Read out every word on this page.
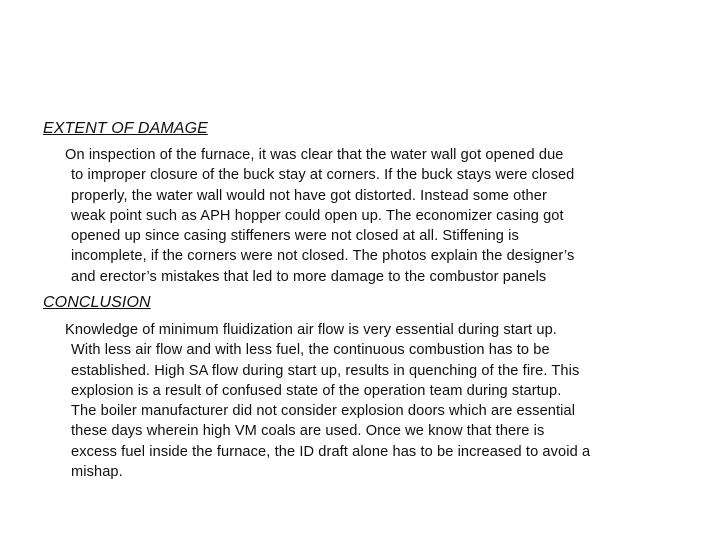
EXTENT OF DAMAGE
On inspection of the furnace, it was clear that the water wall got opened due
to improper closure of the buck stay at corners. If the buck stays were closed
properly, the water wall would not have got distorted. Instead some other
weak point such as APH hopper could open up. The economizer casing got
opened up since casing stiffeners were not closed at all. Stiffening is
incomplete, if the corners were not closed. The photos explain the designer’s
and erector’s mistakes that led to more damage to the combustor panels
CONCLUSION
Knowledge of minimum fluidization air flow is very essential during start up.
With less air flow and with less fuel, the continuous combustion has to be
established. High SA flow during start up, results in quenching of the fire. This
explosion is a result of confused state of the operation team during startup.
The boiler manufacturer did not consider explosion doors which are essential
these days wherein high VM coals are used. Once we know that there is
excess fuel inside the furnace, the ID draft alone has to be increased to avoid a
mishap.
